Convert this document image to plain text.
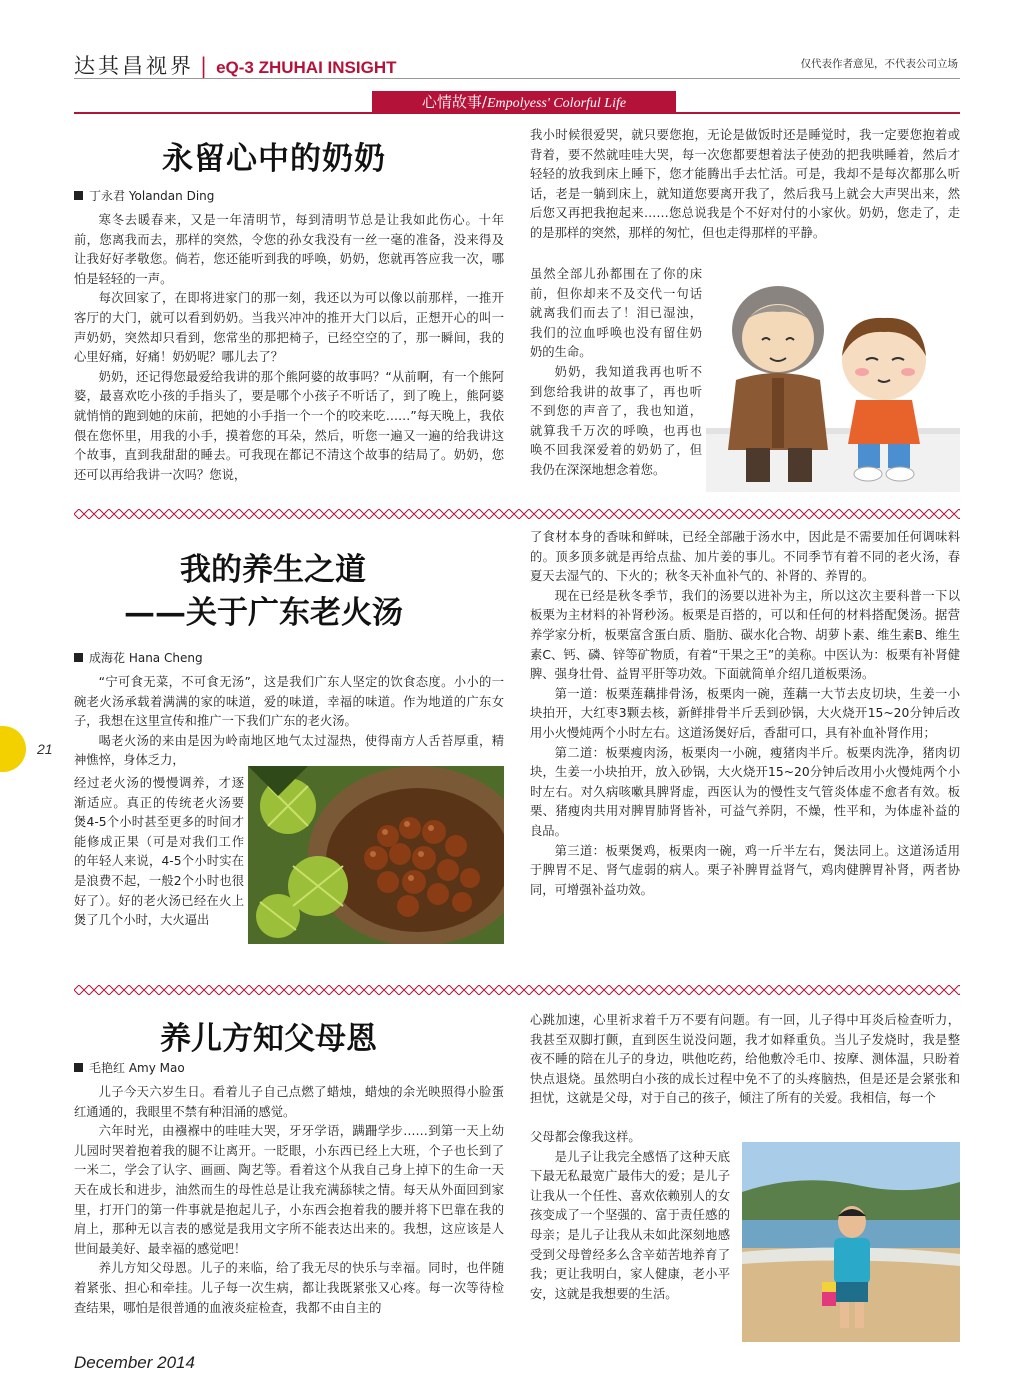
达其昌视界 | eQ-3 ZHUHAI INSIGHT	仅代表作者意见，不代表公司立场
心情故事/Empolyess' Colorful Life
永留心中的奶奶
丁永君 Yolandan Ding

寒冬去暖春来，又是一年清明节，每到清明节总是让我如此伤心。十年前，您离我而去，那样的突然，令您的孙女我没有一丝一毫的准备，没来得及让我好好孝敬您。倘若，您还能听到我的呼唤，奶奶，您就再答应我一次，哪怕是轻轻的一声。

每次回家了，在即将进家门的那一刻，我还以为可以像以前那样，一推开客厅的大门，就可以看到奶奶。当我兴冲冲的推开大门以后，正想开心的叫一声奶奶，突然却只看到，您常坐的那把椅子，已经空空的了，那一瞬间，我的心里好痛，好痛！奶奶呢？哪儿去了？

奶奶，还记得您最爱给我讲的那个熊阿婆的故事吗？“从前啊，有一个熊阿婆，最喜欢吃小孩的手指头了，要是哪个小孩子不听话了，到了晚上，熊阿婆就悄悄的跑到她的床前，把她的小手指一个一个的咬来吃……”每天晚上，我依偎在您怀里，用我的小手，摸着您的耳朵，然后，听您一遍又一遍的给我讲这个故事，直到我甜甜的睡去。可我现在都记不清这个故事的结局了。奶奶，您还可以再给我讲一次吗？您说，

我小时候很爱哭，就只要您抱，无论是做饭时还是睡觉时，我一定要您抱着或背着，要不然就哇哇大哭，每一次您都要想着法子使劲的把我哄睡着，然后才轻轻的放我到床上睡下，您才能腾出手去忙活。可是，我却不是每次都那么听话，老是一躺到床上，就知道您要离开我了，然后我马上就会大声哭出来，然后您又再把我抱起来……您总说我是个不好对付的小家伙。奶奶，您走了，走的是那样的突然，那样的匆忙，但也走得那样的平静。

虽然全部儿孙都围在了你的床前，但你却来不及交代一句话就离我们而去了！泪已湿浊，我们的泣血呼唤也没有留住奶奶的生命。

奶奶，我知道我再也听不到您给我讲的故事了，再也听不到您的声音了，我也知道，就算我千万次的呼唤，也再也唤不回我深爱着的奶奶了，但我仍在深深地想念着您。

我的养生之道
——关于广东老火汤
成海花 Hana Cheng

“宁可食无菜，不可食无汤”，这是我们广东人坚定的饮食态度。小小的一碗老火汤承载着满满的家的味道，爱的味道，幸福的味道。作为地道的广东女子，我想在这里宣传和推广一下我们广东的老火汤。

喝老火汤的来由是因为岭南地区地气太过湿热，使得南方人舌苔厚重，精神憔悴，身体乏力，

经过老火汤的慢慢调养，才逐渐适应。真正的传统老火汤要煲4-5个小时甚至更多的时间才能修成正果（可是对我们工作的年轻人来说，4-5个小时实在是浪费不起，一般2个小时也很好了）。好的老火汤已经在火上煲了几个小时，大火逼出

了食材本身的香味和鲜味，已经全部融于汤水中，因此是不需要加任何调味料的。顶多顶多就是再给点盐、加片姜的事儿。不同季节有着不同的老火汤，春夏天去湿气的、下火的；秋冬天补血补气的、补肾的、养胃的。

现在已经是秋冬季节，我们的汤要以进补为主，所以这次主要科普一下以板栗为主材料的补肾秒汤。板栗是百搭的，可以和任何的材料搭配煲汤。据营养学家分析，板栗富含蛋白质、脂肪、碳水化合物、胡萝卜素、维生素B、维生素C、钙、磷、锌等矿物质，有着“干果之王”的美称。中医认为：板栗有补肾健脾、强身壮骨、益胃平肝等功效。下面就简单介绍几道板栗汤。

第一道：板栗莲藕排骨汤，板栗肉一碗，莲藕一大节去皮切块，生姜一小块拍开，大红枣3颗去核，新鲜排骨半斤丢到砂锅，大火烧开15~20分钟后改用小火慢炖两个小时左右。这道汤煲好后，香甜可口，具有补血补肾作用；

第二道：板栗瘦肉汤，板栗肉一小碗，瘦猪肉半斤。板栗肉洗净，猪肉切块，生姜一小块拍开，放入砂锅，大火烧开15~20分钟后改用小火慢炖两个小时左右。对久病咳嗽具脾肾虚，西医认为的慢性支气管炎体虚不愈者有效。板栗、猪瘦肉共用对脾胃肺肾皆补，可益气养阴，不燥，性平和，为体虚补益的良品。

第三道：板栗煲鸡，板栗肉一碗，鸡一斤半左右，煲法同上。这道汤适用于脾胃不足、肾气虚弱的病人。栗子补脾胃益肾气，鸡肉健脾胃补肾，两者协同，可增强补益功效。

养儿方知父母恩
毛艳红 Amy Mao

儿子今天六岁生日。看着儿子自己点燃了蜡烛，蜡烛的余光映照得小脸蛋红通通的，我眼里不禁有种泪涌的感觉。

六年时光，由襁褓中的哇哇大哭，牙牙学语，蹒跚学步……到第一天上幼儿园时哭着抱着我的腿不让离开。一眨眼，小东西已经上大班，个子也长到了一米二，学会了认字、画画、陶艺等。看着这个从我自己身上掉下的生命一天天在成长和进步，油然而生的母性总是让我充满舔犊之情。每天从外面回到家里，打开门的第一件事就是抱起儿子，小东西会抱着我的腰并将下巴靠在我的肩上，那种无以言表的感觉是我用文字所不能表达出来的。我想，这应该是人世间最美好、最幸福的感觉吧！

养儿方知父母恩。儿子的来临，给了我无尽的快乐与幸福。同时，也伴随着紧张、担心和牵挂。儿子每一次生病，都让我既紧张又心疼。每一次等待检查结果，哪怕是很普通的血液炎症检查，我都不由自主的

心跳加速，心里祈求着千万不要有问题。有一回，儿子得中耳炎后检查听力，我甚至双脚打颤，直到医生说没问题，我才如释重负。当儿子发烧时，我是整夜不睡的陪在儿子的身边，哄他吃药，给他敷冷毛巾、按摩、测体温，只盼着快点退烧。虽然明白小孩的成长过程中免不了的头疼脑热，但是还是会紧张和担忧，这就是父母，对于自己的孩子，倾注了所有的关爱。我相信，每一个

父母都会像我这样。

是儿子让我完全感悟了这种天底下最无私最宽广最伟大的爱；是儿子让我从一个任性、喜欢依赖别人的女孩变成了一个坚强的、富于责任感的母亲；是儿子让我从未如此深刻地感受到父母曾经多么含辛茹苦地养育了我；更让我明白，家人健康，老小平安，这就是我想要的生活。

21
December 2014
